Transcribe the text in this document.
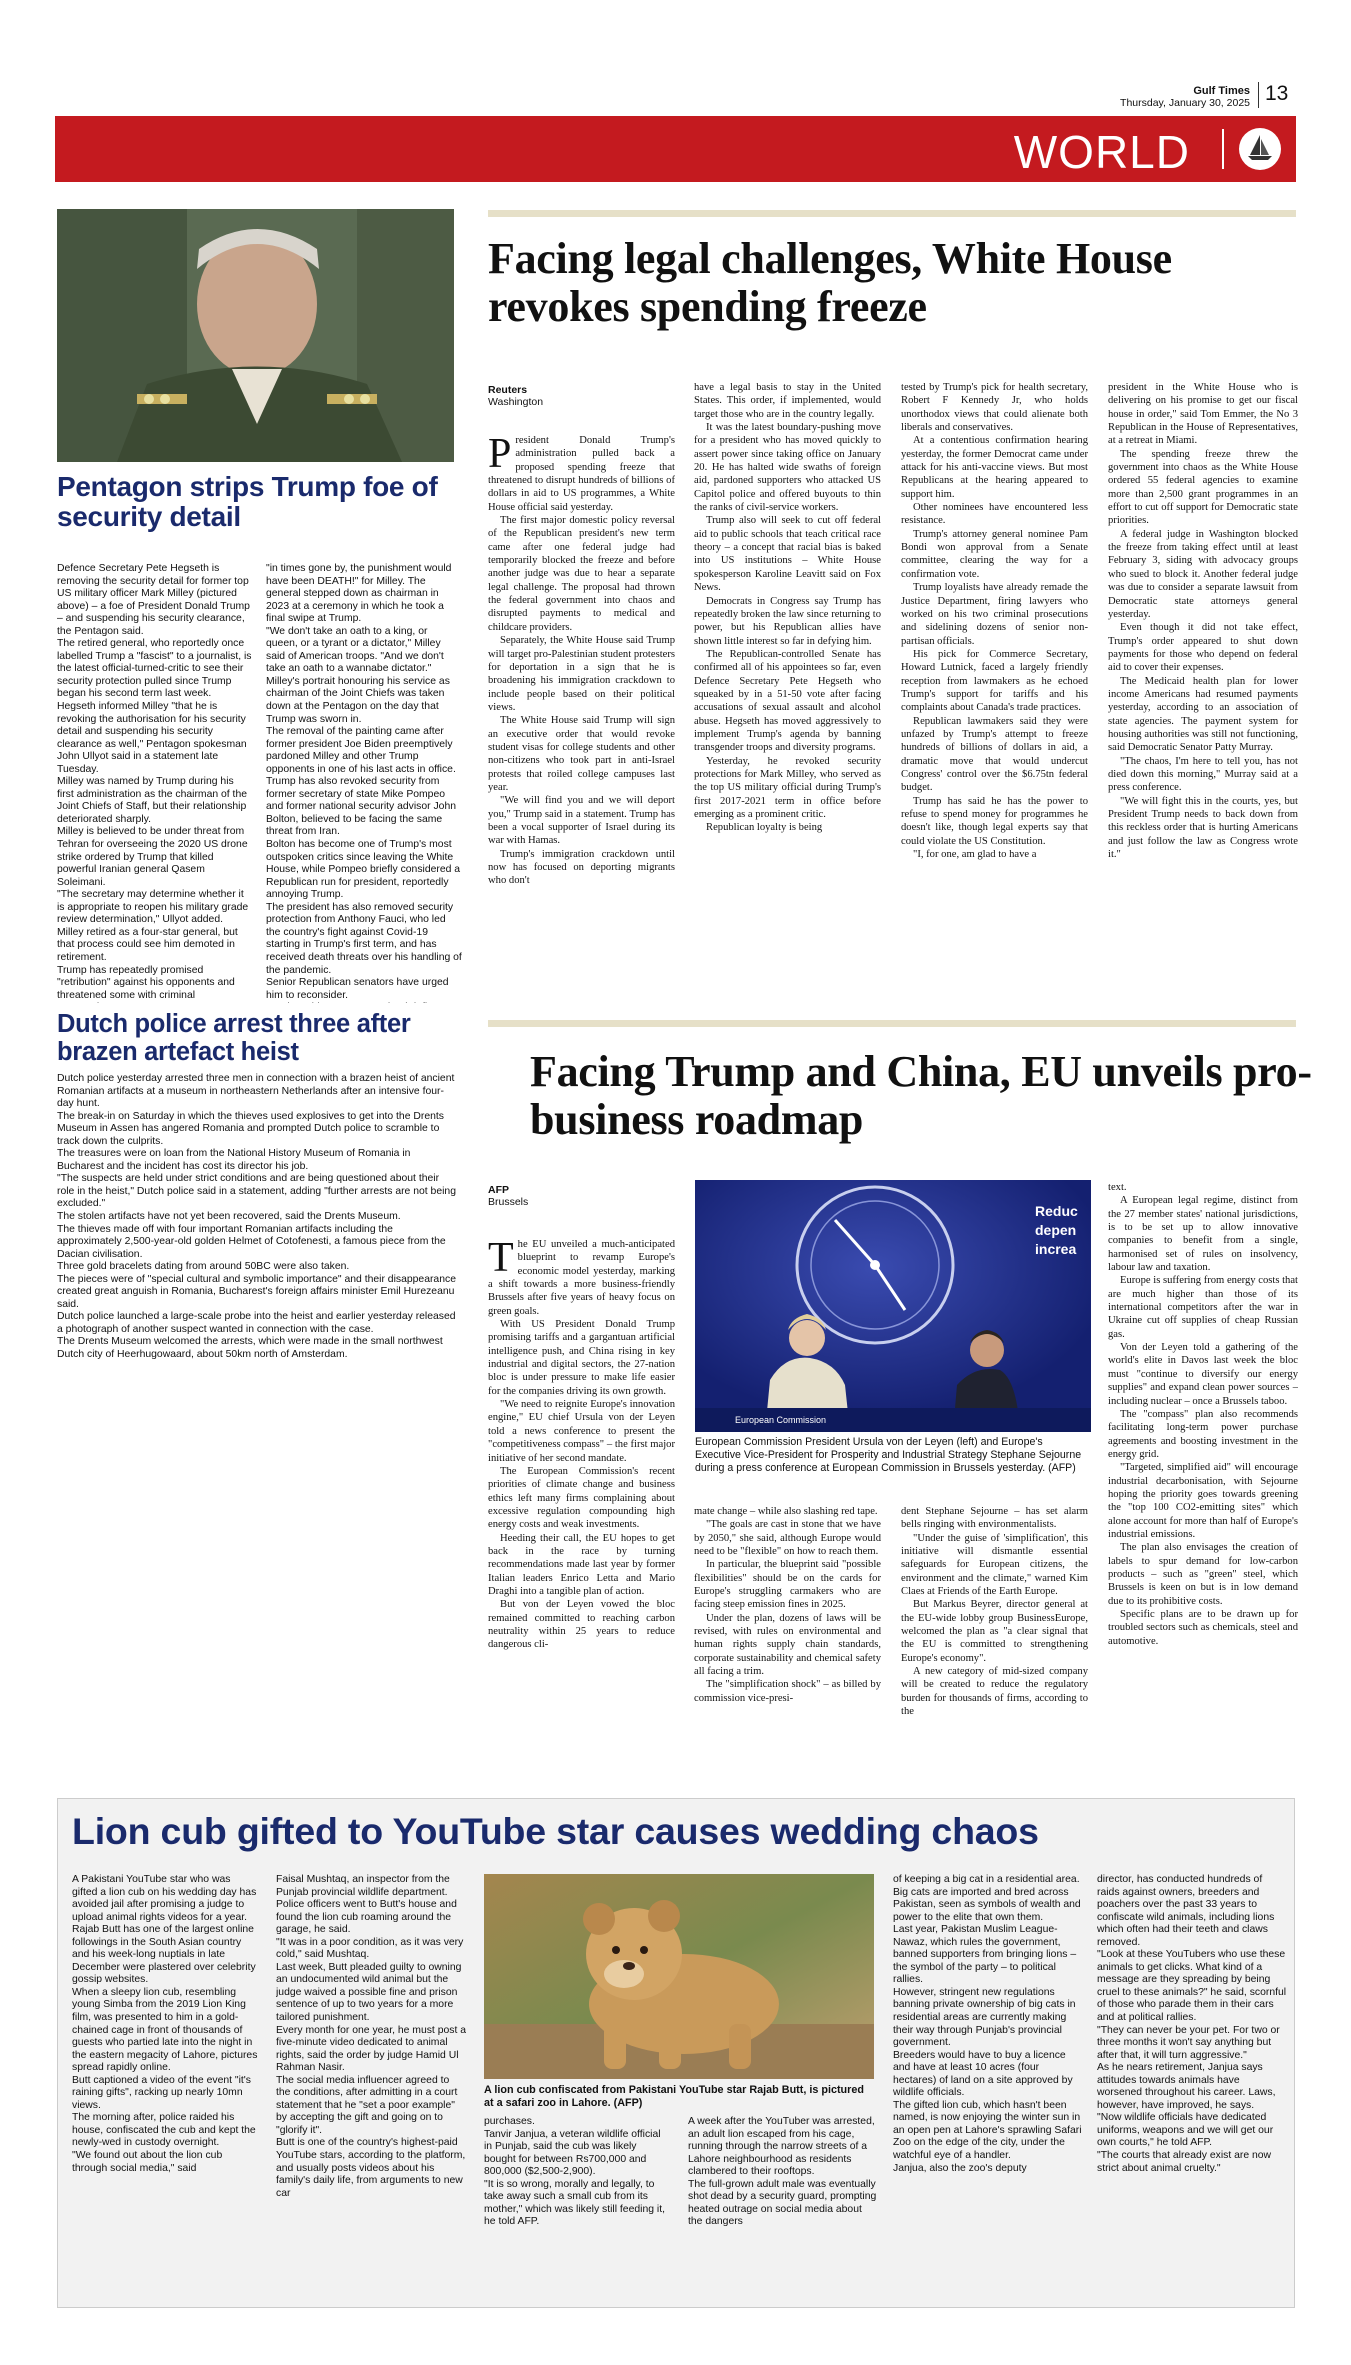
Gulf Times
Thursday, January 30, 2025 13
WORLD
Pentagon strips Trump foe of security detail

Defence Secretary Pete Hegseth is removing the security detail for former top US military officer Mark Milley (pictured above) – a foe of President Donald Trump – and suspending his security clearance, the Pentagon said.

The retired general, who reportedly once labelled Trump a "fascist" to a journalist, is the latest official-turned-critic to see their security protection pulled since Trump began his second term last week.

Hegseth informed Milley "that he is revoking the authorisation for his security detail and suspending his security clearance as well," Pentagon spokesman John Ullyot said in a statement late Tuesday.

Milley was named by Trump during his first administration as the chairman of the Joint Chiefs of Staff, but their relationship deteriorated sharply.

Milley is believed to be under threat from Tehran for overseeing the 2020 US drone strike ordered by Trump that killed powerful Iranian general Qasem Soleimani.

"The secretary may determine whether it is appropriate to reopen his military grade review determination," Ullyot added.

Milley retired as a four-star general, but that process could see him demoted in retirement.

Trump has repeatedly promised "retribution" against his opponents and threatened some with criminal

"in times gone by, the punishment would have been DEATH!" for Milley. The general stepped down as chairman in 2023 at a ceremony in which he took a final swipe at Trump.

"We don't take an oath to a king, or queen, or a tyrant or a dictator," Milley said of American troops. "And we don't take an oath to a wannabe dictator."

Milley's portrait honouring his service as chairman of the Joint Chiefs was taken down at the Pentagon on the day that Trump was sworn in.

The removal of the painting came after former president Joe Biden preemptively pardoned Milley and other Trump opponents in one of his last acts in office.

Trump has also revoked security from former secretary of state Mike Pompeo and former national security advisor John Bolton, believed to be facing the same threat from Iran.

Bolton has become one of Trump's most outspoken critics since leaving the White House, while Pompeo briefly considered a Republican run for president, reportedly annoying Trump.

The president has also removed security protection from Anthony Fauci, who led the country's fight against Covid-19 starting in Trump's first term, and has received death threats over his handling of the pandemic.

Senior Republican senators have urged him to reconsider.

Dutch police arrest three after brazen artefact heist

Dutch police yesterday arrested three men in connection with a brazen heist of ancient Romanian artifacts at a museum in northeastern Netherlands after an intensive four-day hunt.

The break-in on Saturday in which the thieves used explosives to get into the Drents Museum in Assen has angered Romania and prompted Dutch police to scramble to track down the culprits.

The treasures were on loan from the National History Museum of Romania in Bucharest and the incident has cost its director his job.

"The suspects are held under strict conditions and are being questioned about their role in the heist," Dutch police said in a statement, adding "further arrests are not being excluded."

The stolen artifacts have not yet been recovered, said the Drents Museum.

The thieves made off with four important Romanian artifacts including the approximately 2,500-year-old golden Helmet of Cotofenesti, a famous piece from the Dacian civilisation.

Three gold bracelets dating from around 50BC were also taken.

The pieces were of "special cultural and symbolic importance" and their disappearance created great anguish in Romania, Bucharest's foreign affairs minister Emil Hurezeanu said.

Dutch police launched a large-scale probe into the heist and earlier yesterday released a photograph of another suspect wanted in connection with the case.

The Drents Museum welcomed the arrests, which were made in the small northwest Dutch city of Heerhugowaard, about 50km north of Amsterdam.

Facing legal challenges, White House revokes spending freeze
Reuters
Washington

President Donald Trump's administration pulled back a proposed spending freeze that threatened to disrupt hundreds of billions of dollars in aid to US programmes, a White House official said yesterday.

The first major domestic policy reversal of the Republican president's new term came after one federal judge had temporarily blocked the freeze and before another judge was due to hear a separate legal challenge. The proposal had thrown the federal government into chaos and disrupted payments to medical and childcare providers.

Separately, the White House said Trump will target pro-Palestinian student protesters for deportation in a sign that he is broadening his immigration crackdown to include people based on their political views.

The White House said Trump will sign an executive order that would revoke student visas for college students and other non-citizens who took part in anti-Israel protests that roiled college campuses last year.

"We will find you and we will deport you," Trump said in a statement. Trump has been a vocal supporter of Israel during its war with Hamas.

Trump's immigration crackdown until now has focused on deporting migrants who don't

have a legal basis to stay in the United States. This order, if implemented, would target those who are in the country legally.

It was the latest boundary-pushing move for a president who has moved quickly to assert power since taking office on January 20. He has halted wide swaths of foreign aid, pardoned supporters who attacked US Capitol police and offered buyouts to thin the ranks of civil-service workers.

Trump also will seek to cut off federal aid to public schools that teach critical race theory – a concept that racial bias is baked into US institutions – White House spokesperson Karoline Leavitt said on Fox News.

Democrats in Congress say Trump has repeatedly broken the law since returning to power, but his Republican allies have shown little interest so far in defying him.

The Republican-controlled Senate has confirmed all of his appointees so far, even Defence Secretary Pete Hegseth who squeaked by in a 51-50 vote after facing accusations of sexual assault and alcohol abuse. Hegseth has moved aggressively to implement Trump's agenda by banning transgender troops and diversity programs.

Yesterday, he revoked security protections for Mark Milley, who served as the top US military official during Trump's first 2017-2021 term in office before emerging as a prominent critic.

Republican loyalty is being

tested by Trump's pick for health secretary, Robert F Kennedy Jr, who holds unorthodox views that could alienate both liberals and conservatives.

At a contentious confirmation hearing yesterday, the former Democrat came under attack for his anti-vaccine views. But most Republicans at the hearing appeared to support him.

Other nominees have encountered less resistance.

Trump's attorney general nominee Pam Bondi won approval from a Senate committee, clearing the way for a confirmation vote.

Trump loyalists have already remade the Justice Department, firing lawyers who worked on his two criminal prosecutions and sidelining dozens of senior non-partisan officials.

His pick for Commerce Secretary, Howard Lutnick, faced a largely friendly reception from lawmakers as he echoed Trump's support for tariffs and his complaints about Canada's trade practices.

Republican lawmakers said they were unfazed by Trump's attempt to freeze hundreds of billions of dollars in aid, a dramatic move that would undercut Congress' control over the $6.75tn federal budget.

Trump has said he has the power to refuse to spend money for programmes he doesn't like, though legal experts say that could violate the US Constitution.

"I, for one, am glad to have a

president in the White House who is delivering on his promise to get our fiscal house in order," said Tom Emmer, the No 3 Republican in the House of Representatives, at a retreat in Miami.

The spending freeze threw the government into chaos as the White House ordered 55 federal agencies to examine more than 2,500 grant programmes in an effort to cut off support for Democratic state priorities.

A federal judge in Washington blocked the freeze from taking effect until at least February 3, siding with advocacy groups who sued to block it. Another federal judge was due to consider a separate lawsuit from Democratic state attorneys general yesterday.

Even though it did not take effect, Trump's order appeared to shut down payments for those who depend on federal aid to cover their expenses.

The Medicaid health plan for lower income Americans had resumed payments yesterday, according to an association of state agencies. The payment system for housing authorities was still not functioning, said Democratic Senator Patty Murray.

"The chaos, I'm here to tell you, has not died down this morning," Murray said at a press conference.

"We will fight this in the courts, yes, but President Trump needs to back down from this reckless order that is hurting Americans and just follow the law as Congress wrote it."

Facing Trump and China, EU unveils pro-business roadmap
AFP
Brussels
Reduc
depen
increa
European Commission
European Commission President Ursula von der Leyen (left) and Europe's Executive Vice-President for Prosperity and Industrial Strategy Stephane Sejourne during a press conference at European Commission in Brussels yesterday. (AFP)

The EU unveiled a much-anticipated blueprint to revamp Europe's economic model yesterday, marking a shift towards a more business-friendly Brussels after five years of heavy focus on green goals.

With US President Donald Trump promising tariffs and a gargantuan artificial intelligence push, and China rising in key industrial and digital sectors, the 27-nation bloc is under pressure to make life easier for the companies driving its own growth.

"We need to reignite Europe's innovation engine," EU chief Ursula von der Leyen told a news conference to present the "competitiveness compass" – the first major initiative of her second mandate.

The European Commission's recent priorities of climate change and business ethics left many firms complaining about excessive regulation compounding high energy costs and weak investments.

Heeding their call, the EU hopes to get back in the race by turning recommendations made last year by former Italian leaders Enrico Letta and Mario Draghi into a tangible plan of action.

But von der Leyen vowed the bloc remained committed to reaching carbon neutrality within 25 years to reduce dangerous cli-

mate change – while also slashing red tape.

"The goals are cast in stone that we have by 2050," she said, although Europe would need to be "flexible" on how to reach them.

In particular, the blueprint said "possible flexibilities" should be on the cards for Europe's struggling carmakers who are facing steep emission fines in 2025.

Under the plan, dozens of laws will be revised, with rules on environmental and human rights supply chain standards, corporate sustainability and chemical safety all facing a trim.

The "simplification shock" – as billed by commission vice-presi-

dent Stephane Sejourne – has set alarm bells ringing with environmentalists.

"Under the guise of 'simplification', this initiative will dismantle essential safeguards for European citizens, the environment and the climate," warned Kim Claes at Friends of the Earth Europe.

But Markus Beyrer, director general at the EU-wide lobby group BusinessEurope, welcomed the plan as "a clear signal that the EU is committed to strengthening Europe's economy".

A new category of mid-sized company will be created to reduce the regulatory burden for thousands of firms, according to the

text.

A European legal regime, distinct from the 27 member states' national jurisdictions, is to be set up to allow innovative companies to benefit from a single, harmonised set of rules on insolvency, labour law and taxation.

Europe is suffering from energy costs that are much higher than those of its international competitors after the war in Ukraine cut off supplies of cheap Russian gas.

Von der Leyen told a gathering of the world's elite in Davos last week the bloc must "continue to diversify our energy supplies" and expand clean power sources – including nuclear – once a Brussels taboo.

The "compass" plan also recommends facilitating long-term power purchase agreements and boosting investment in the energy grid.

"Targeted, simplified aid" will encourage industrial decarbonisation, with Sejourne hoping the priority goes towards greening the "top 100 CO2-emitting sites" which alone account for more than half of Europe's industrial emissions.

The plan also envisages the creation of labels to spur demand for low-carbon products – such as "green" steel, which Brussels is keen on but is in low demand due to its prohibitive costs.

Specific plans are to be drawn up for troubled sectors such as chemicals, steel and automotive.

Lion cub gifted to YouTube star causes wedding chaos

A Pakistani YouTube star who was gifted a lion cub on his wedding day has avoided jail after promising a judge to upload animal rights videos for a year.

Rajab Butt has one of the largest online followings in the South Asian country and his week-long nuptials in late December were plastered over celebrity gossip websites.

When a sleepy lion cub, resembling young Simba from the 2019 Lion King film, was presented to him in a gold-chained cage in front of thousands of guests who partied late into the night in the eastern megacity of Lahore, pictures spread rapidly online.

Butt captioned a video of the event "it's raining gifts", racking up nearly 10mn views.

The morning after, police raided his house, confiscated the cub and kept the newly-wed in custody overnight.

"We found out about the lion cub through social media," said

Faisal Mushtaq, an inspector from the Punjab provincial wildlife department.

Police officers went to Butt's house and found the lion cub roaming around the garage, he said.

"It was in a poor condition, as it was very cold," said Mushtaq.

Last week, Butt pleaded guilty to owning an undocumented wild animal but the judge waived a possible fine and prison sentence of up to two years for a more tailored punishment.

Every month for one year, he must post a five-minute video dedicated to animal rights, said the order by judge Hamid Ul Rahman Nasir.

The social media influencer agreed to the conditions, after admitting in a court statement that he "set a poor example" by accepting the gift and going on to "glorify it".

Butt is one of the country's highest-paid YouTube stars, according to the platform, and usually posts videos about his family's daily life, from arguments to new car

A lion cub confiscated from Pakistani YouTube star Rajab Butt, is pictured at a safari zoo in Lahore. (AFP)

purchases.

Tanvir Janjua, a veteran wildlife official in Punjab, said the cub was likely bought for between Rs700,000 and 800,000 ($2,500-2,900).

"It is so wrong, morally and legally, to take away such a small cub from its mother," which was likely still feeding it, he told AFP.

A week after the YouTuber was arrested, an adult lion escaped from his cage, running through the narrow streets of a Lahore neighbourhood as residents clambered to their rooftops.

The full-grown adult male was eventually shot dead by a security guard, prompting heated outrage on social media about the dangers

of keeping a big cat in a residential area.

Big cats are imported and bred across Pakistan, seen as symbols of wealth and power to the elite that own them.

Last year, Pakistan Muslim League-Nawaz, which rules the government, banned supporters from bringing lions – the symbol of the party – to political rallies.

However, stringent new regulations banning private ownership of big cats in residential areas are currently making their way through Punjab's provincial government.

Breeders would have to buy a licence and have at least 10 acres (four hectares) of land on a site approved by wildlife officials.

The gifted lion cub, which hasn't been named, is now enjoying the winter sun in an open pen at Lahore's sprawling Safari Zoo on the edge of the city, under the watchful eye of a handler.

Janjua, also the zoo's deputy

director, has conducted hundreds of raids against owners, breeders and poachers over the past 33 years to confiscate wild animals, including lions which often had their teeth and claws removed.

"Look at these YouTubers who use these animals to get clicks. What kind of a message are they spreading by being cruel to these animals?" he said, scornful of those who parade them in their cars and at political rallies.

"They can never be your pet. For two or three months it won't say anything but after that, it will turn aggressive."

As he nears retirement, Janjua says attitudes towards animals have worsened throughout his career. Laws, however, have improved, he says.

"Now wildlife officials have dedicated uniforms, weapons and we will get our own courts," he told AFP.

"The courts that already exist are now strict about animal cruelty."
